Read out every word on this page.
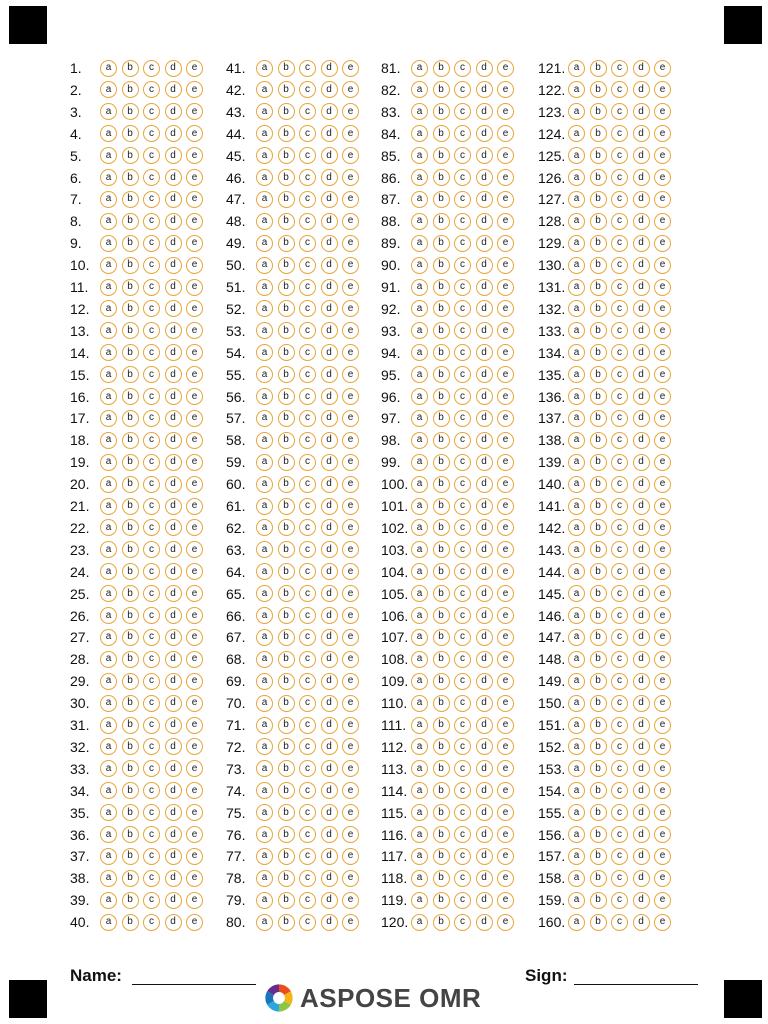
1.	a	b	c	d	e
2.	a	b	c	d	e
3.	a	b	c	d	e
4.	a	b	c	d	e
5.	a	b	c	d	e
6.	a	b	c	d	e
7.	a	b	c	d	e
8.	a	b	c	d	e
9.	a	b	c	d	e
10.	a	b	c	d	e
11.	a	b	c	d	e
12.	a	b	c	d	e
13.	a	b	c	d	e
14.	a	b	c	d	e
15.	a	b	c	d	e
16.	a	b	c	d	e
17.	a	b	c	d	e
18.	a	b	c	d	e
19.	a	b	c	d	e
20.	a	b	c	d	e
21.	a	b	c	d	e
22.	a	b	c	d	e
23.	a	b	c	d	e
24.	a	b	c	d	e
25.	a	b	c	d	e
26.	a	b	c	d	e
27.	a	b	c	d	e
28.	a	b	c	d	e
29.	a	b	c	d	e
30.	a	b	c	d	e
31.	a	b	c	d	e
32.	a	b	c	d	e
33.	a	b	c	d	e
34.	a	b	c	d	e
35.	a	b	c	d	e
36.	a	b	c	d	e
37.	a	b	c	d	e
38.	a	b	c	d	e
39.	a	b	c	d	e
40.	a	b	c	d	e
41.	a	b	c	d	e
42.	a	b	c	d	e
43.	a	b	c	d	e
44.	a	b	c	d	e
45.	a	b	c	d	e
46.	a	b	c	d	e
47.	a	b	c	d	e
48.	a	b	c	d	e
49.	a	b	c	d	e
50.	a	b	c	d	e
51.	a	b	c	d	e
52.	a	b	c	d	e
53.	a	b	c	d	e
54.	a	b	c	d	e
55.	a	b	c	d	e
56.	a	b	c	d	e
57.	a	b	c	d	e
58.	a	b	c	d	e
59.	a	b	c	d	e
60.	a	b	c	d	e
61.	a	b	c	d	e
62.	a	b	c	d	e
63.	a	b	c	d	e
64.	a	b	c	d	e
65.	a	b	c	d	e
66.	a	b	c	d	e
67.	a	b	c	d	e
68.	a	b	c	d	e
69.	a	b	c	d	e
70.	a	b	c	d	e
71.	a	b	c	d	e
72.	a	b	c	d	e
73.	a	b	c	d	e
74.	a	b	c	d	e
75.	a	b	c	d	e
76.	a	b	c	d	e
77.	a	b	c	d	e
78.	a	b	c	d	e
79.	a	b	c	d	e
80.	a	b	c	d	e
81.	a	b	c	d	e
82.	a	b	c	d	e
83.	a	b	c	d	e
84.	a	b	c	d	e
85.	a	b	c	d	e
86.	a	b	c	d	e
87.	a	b	c	d	e
88.	a	b	c	d	e
89.	a	b	c	d	e
90.	a	b	c	d	e
91.	a	b	c	d	e
92.	a	b	c	d	e
93.	a	b	c	d	e
94.	a	b	c	d	e
95.	a	b	c	d	e
96.	a	b	c	d	e
97.	a	b	c	d	e
98.	a	b	c	d	e
99.	a	b	c	d	e
100. a	b	c	d	e
101. a	b	c	d	e
102. a	b	c	d	e
103. a	b	c	d	e
104. a	b	c	d	e
105. a	b	c	d	e
106. a	b	c	d	e
107. a	b	c	d	e
108. a	b	c	d	e
109. a	b	c	d	e
110. a	b	c	d	e
111.	a	b	c	d	e
112. a	b	c	d	e
113. a	b	c	d	e
114. a	b	c	d	e
115. a	b	c	d	e
116. a	b	c	d	e
117. a	b	c	d	e
118. a	b	c	d	e
119. a	b	c	d	e
120. a	b	c	d	e
121. a	b	c	d	e
122. a	b	c	d	e
123. a	b	c	d	e
124. a	b	c	d	e
125. a	b	c	d	e
126. a	b	c	d	e
127. a	b	c	d	e
128. a	b	c	d	e
129. a	b	c	d	e
130. a	b	c	d	e
131. a	b	c	d	e
132. a	b	c	d	e
133. a	b	c	d	e
134. a	b	c	d	e
135. a	b	c	d	e
136. a	b	c	d	e
137. a	b	c	d	e
138. a	b	c	d	e
139. a	b	c	d	e
140. a	b	c	d	e
141. a	b	c	d	e
142. a	b	c	d	e
143. a	b	c	d	e
144. a	b	c	d	e
145. a	b	c	d	e
146. a	b	c	d	e
147. a	b	c	d	e
148. a	b	c	d	e
149. a	b	c	d	e
150. a	b	c	d	e
151. a	b	c	d	e
152. a	b	c	d	e
153. a	b	c	d	e
154. a	b	c	d	e
155. a	b	c	d	e
156. a	b	c	d	e
157. a	b	c	d	e
158. a	b	c	d	e
159. a	b	c	d	e
160. a	b	c	d	e
Name:	Sign:
ASPOSE OMR
